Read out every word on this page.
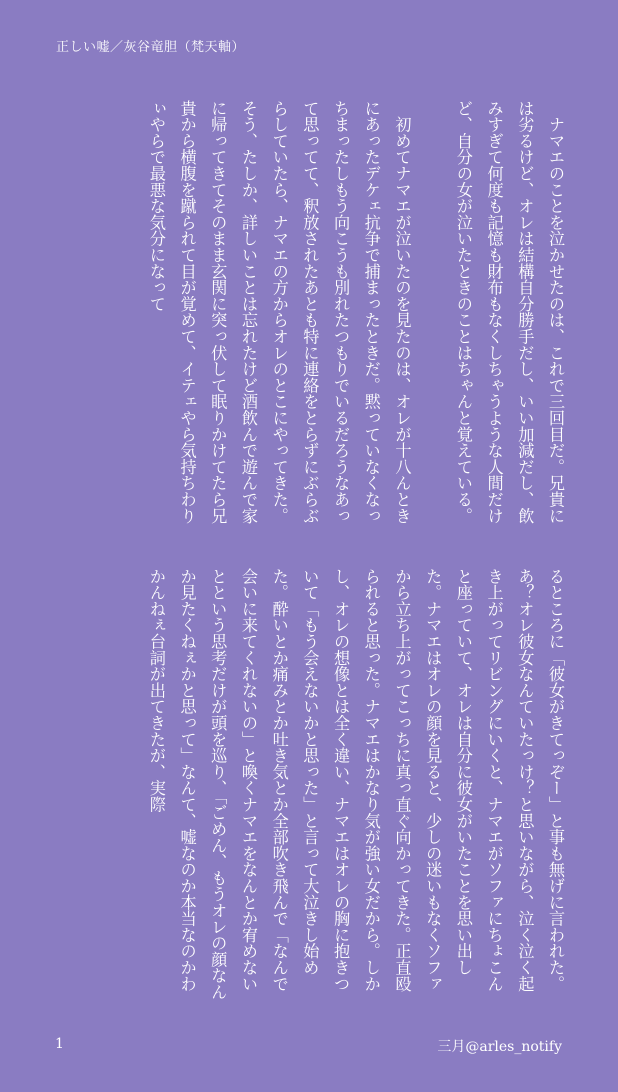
正しい嘘／灰谷竜胆（梵天軸）
　ナマエのことを泣かせたのは、これで三回目だ。兄貴には劣るけど、オレは結構自分勝手だし、いい加減だし、飲みすぎて何度も記憶も財布もなくしちゃうような人間だけど、自分の女が泣いたときのことはちゃんと覚えている。

　初めてナマエが泣いたのを見たのは、オレが十八んときにあったデケェ抗争で捕まったときだ。黙っていなくなっちまったしもう向こうも別れたつもりでいるだろうなあって思ってて、釈放されたあとも特に連絡をとらずにぶらぶらしていたら、ナマエの方からオレのとこにやってきた。そう、たしか、詳しいことは忘れたけど酒飲んで遊んで家に帰ってきてそのまま玄関に突っ伏して眠りかけてたら兄貴から横腹を蹴られて目が覚めて、イテェやら気持ちわりぃやらで最悪な気分になって
るところに「彼女がきてっぞー」と事も無げに言われた。あ？オレ彼女なんていたっけ？と思いながら、泣く泣く起き上がってリビングにいくと、ナマエがソファにちょこんと座っていて、オレは自分に彼女がいたことを思い出した。ナマエはオレの顔を見ると、少しの迷いもなくソファから立ち上がってこっちに真っ直ぐ向かってきた。正直殴られると思った。ナマエはかなり気が強い女だから。しかし、オレの想像とは全く違い、ナマエはオレの胸に抱きついて「もう会えないかと思った」と言って大泣きし始めた。酔いとか痛みとか吐き気とか全部吹き飛んで「なんで会いに来てくれないの」と喚くナマエをなんとか宥めないとという思考だけが頭を巡り、「ごめん、もうオレの顔なんか見たくねぇかと思って」なんて、嘘なのか本当なのかわかんねぇ台詞が出てきたが、実際
1	三月@arles_notify
